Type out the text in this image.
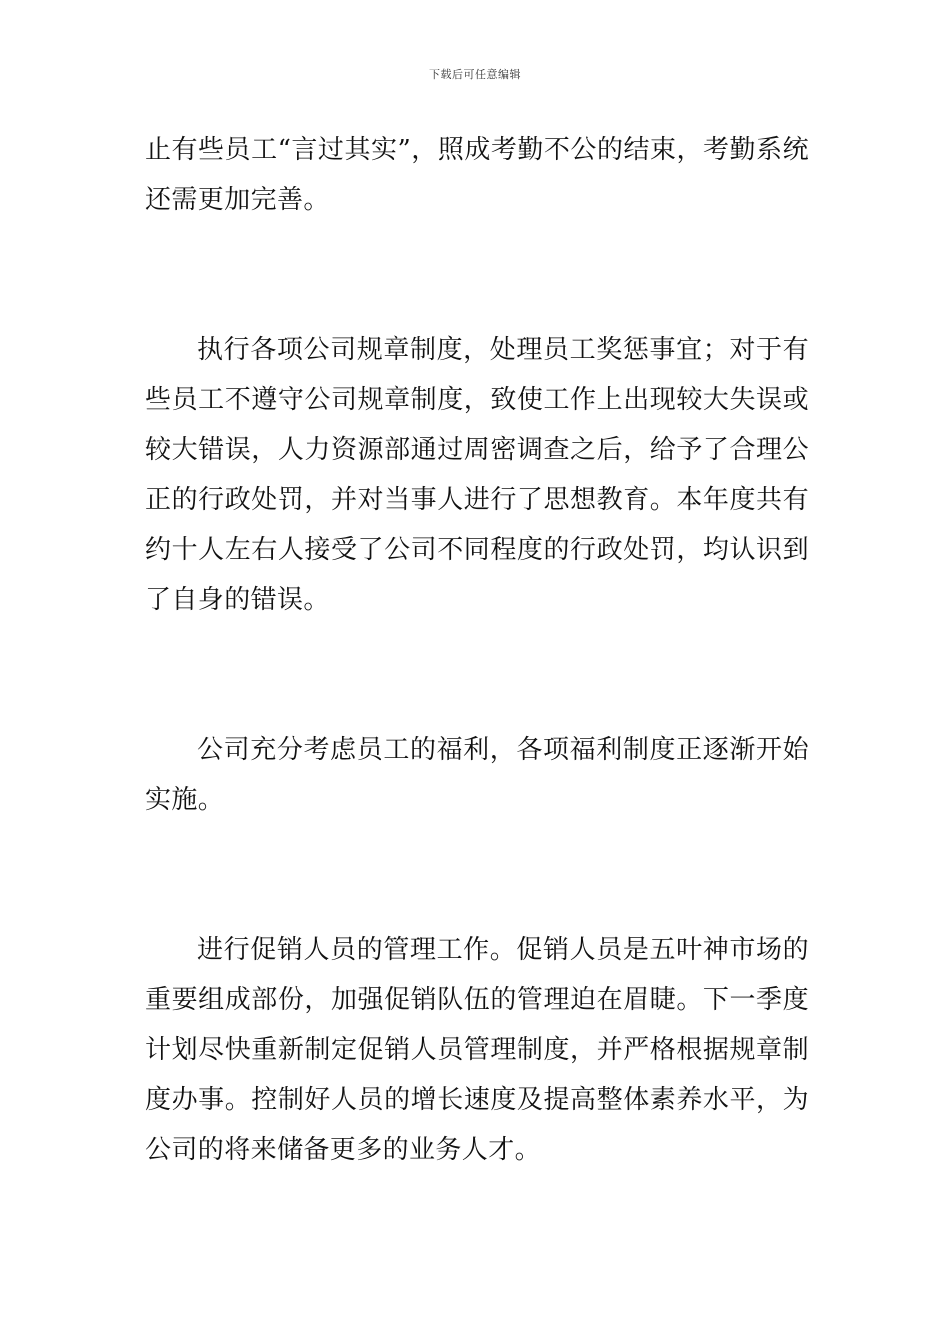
下载后可任意编辑

止有些员工“言过其实”，照成考勤不公的结束，考勤系统还需更加完善。

执行各项公司规章制度，处理员工奖惩事宜；对于有些员工不遵守公司规章制度，致使工作上出现较大失误或较大错误，人力资源部通过周密调查之后，给予了合理公正的行政处罚，并对当事人进行了思想教育。本年度共有约十人左右人接受了公司不同程度的行政处罚，均认识到了自身的错误。

公司充分考虑员工的福利，各项福利制度正逐渐开始实施。

进行促销人员的管理工作。促销人员是五叶神市场的重要组成部份，加强促销队伍的管理迫在眉睫。下一季度计划尽快重新制定促销人员管理制度，并严格根据规章制度办事。控制好人员的增长速度及提高整体素养水平，为公司的将来储备更多的业务人才。
